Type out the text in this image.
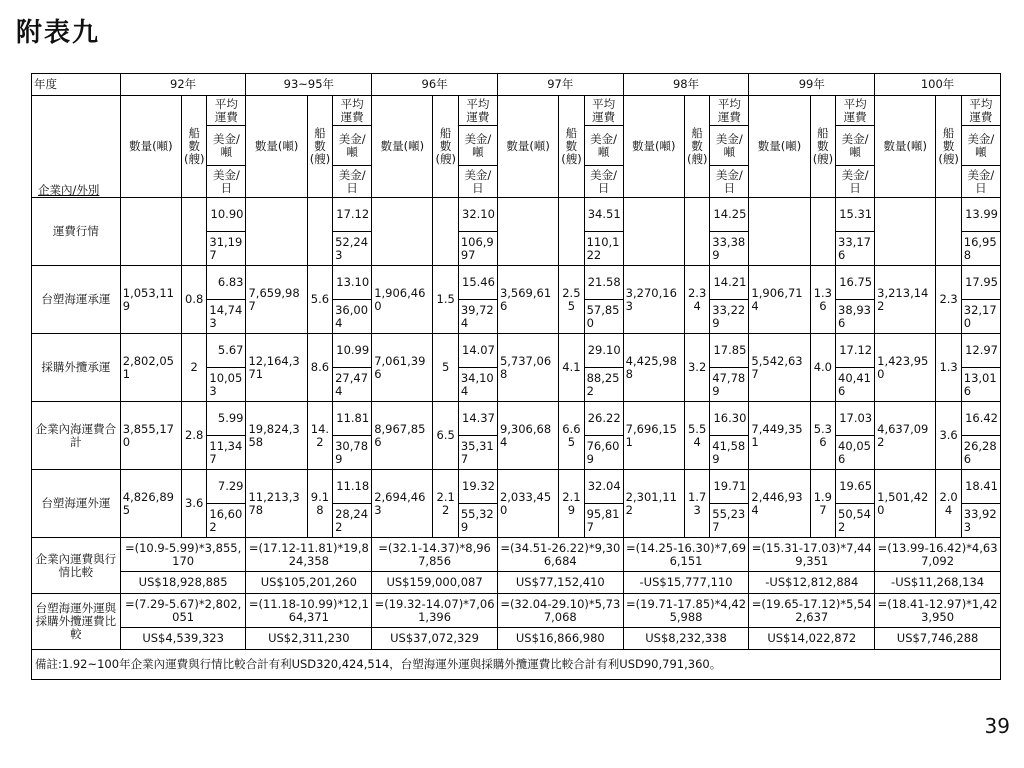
附表九
年度	92年			93~95年			96年			97年			98年			99年			100年		
企業內/外別	數量(噸)	船數(艘)	平均運費	數量(噸)	船數(艘)	平均運費	數量(噸)	船數(艘)	平均運費	數量(噸)	船數(艘)	平均運費	數量(噸)	船數(艘)	平均運費	數量(噸)	船數(艘)	平均運費	數量(噸)	船數(艘)	平均運費
			美金/噸			美金/噸			美金/噸			美金/噸			美金/噸			美金/噸			美金/噸
			美金/日			美金/日			美金/日			美金/日			美金/日			美金/日			美金/日
運費行情			10.90			17.12			32.10			34.51			14.25			15.31			13.99
			31,197			52,243			106,997			110,122			33,389			33,176			16,958
台塑海運承運	1,053,119	0.8	6.83	7,659,987	5.6	13.10	1,906,460	1.5	15.46	3,569,616	2.55	21.58	3,270,163	2.34	14.21	1,906,714	1.36	16.75	3,213,142	2.3	17.95
			14,743			36,004			39,724			57,850			33,229			38,936			32,170
採購外攬承運	2,802,051	2	5.67	12,164,371	8.6	10.99	7,061,396	5	14.07	5,737,068	4.1	29.10	4,425,988	3.2	17.85	5,542,637	4.0	17.12	1,423,950	1.3	12.97
			10,053			27,474			34,104			88,252			47,789			40,416			13,016
企業內海運費合計	3,855,170	2.8	5.99	19,824,358	14.2	11.81	8,967,856	6.5	14.37	9,306,684	6.65	26.22	7,696,151	5.54	16.30	7,449,351	5.36	17.03	4,637,092	3.6	16.42
			11,347			30,789			35,317			76,609			41,589			40,056			26,286
台塑海運外運	4,826,895	3.6	7.29	11,213,378	9.18	11.18	2,694,463	2.12	19.32	2,033,450	2.19	32.04	2,301,112	1.73	19.71	2,446,934	1.97	19.65	1,501,420	2.04	18.41
			16,602			28,242			55,329			95,817			55,237			50,542			33,923
企業內運費與行情比較	=(10.9-5.99)*3,855,170			=(17.12-11.81)*19,824,358			=(32.1-14.37)*8,967,856			=(34.51-26.22)*9,306,684			=(14.25-16.30)*7,696,151			=(15.31-17.03)*7,449,351			=(13.99-16.42)*4,637,092		
	US$18,928,885			US$105,201,260			US$159,000,087			US$77,152,410			-US$15,777,110			-US$12,812,884			-US$11,268,134		
台塑海運外運與採購外攬運費比較	=(7.29-5.67)*2,802,051			=(11.18-10.99)*12,164,371			=(19.32-14.07)*7,061,396			=(32.04-29.10)*5,737,068			=(19.71-17.85)*4,425,988			=(19.65-17.12)*5,542,637			=(18.41-12.97)*1,423,950		
	US$4,539,323			US$2,311,230			US$37,072,329			US$16,866,980			US$8,232,338			US$14,022,872			US$7,746,288		
備註:1.92~100年企業內運費與行情比較合計有利USD320,424,514，台塑海運外運與採購外攬運費比較合計有利USD90,791,360。																					
39
